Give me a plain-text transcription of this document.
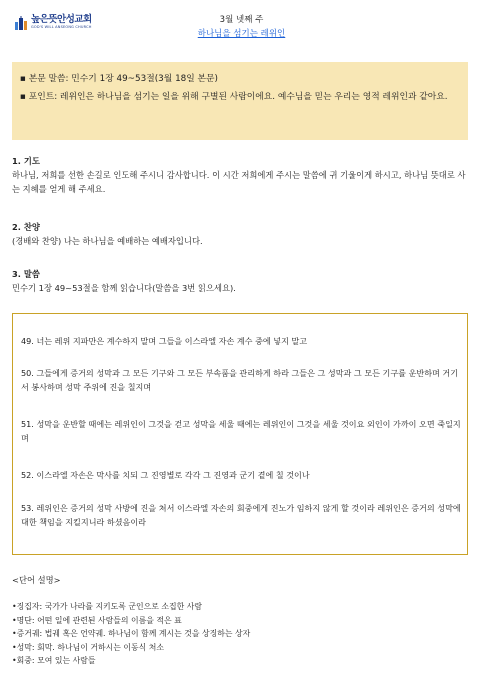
높은뜻안성교회
GOD'S WILL ANSEONG CHURCH
3월 넷째 주
하나님을 섬기는 레위인

▪ 본문 말씀: 민수기 1장 49~53절(3월 18일 본문)

▪ 포인트: 레위인은 하나님을 섬기는 일을 위해 구별된 사람이에요. 예수님을 믿는 우리는 영적 레위인과 같아요.

1. 기도

하나님, 저희를 선한 손길로 인도해 주시니 감사합니다. 이 시간 저희에게 주시는 말씀에 귀 기울이게 하시고, 하나님 뜻대로 사는 지혜를 얻게 해 주세요.

2. 찬양

(경배와 찬양) 나는 하나님을 예배하는 예배자입니다.

3. 말씀

민수기 1장 49~53절을 함께 읽습니다(말씀을 3번 읽으세요).

49. 너는 레위 지파만은 계수하지 말며 그들을 이스라엘 자손 계수 중에 넣지 말고

50. 그들에게 증거의 성막과 그 모든 기구와 그 모든 부속품을 관리하게 하라 그들은 그 성막과 그 모든 기구를 운반하며 거기서 봉사하며 성막 주위에 진을 칠지며

51. 성막을 운반할 때에는 레위인이 그것을 걷고 성막을 세울 때에는 레위인이 그것을 세울 것이요 외인이 가까이 오면 죽일지며

52. 이스라엘 자손은 막사를 치되 그 진영별로 각각 그 진영과 군기 곁에 칠 것이나

53. 레위인은 증거의 성막 사방에 진을 쳐서 이스라엘 자손의 회중에게 진노가 임하지 않게 할 것이라 레위인은 증거의 성막에 대한 책임을 지킬지니라 하셨음이라

<단어 설명>
•징집자: 국가가 나라를 지키도록 군인으로 소집한 사람
•명단: 어떤 일에 관련된 사람들의 이름을 적은 표
•증거궤: 법궤 혹은 언약궤. 하나님이 함께 계시는 것을 상징하는 상자
•성막: 회막. 하나님이 거하시는 이동식 처소
•회중: 모여 있는 사람들
